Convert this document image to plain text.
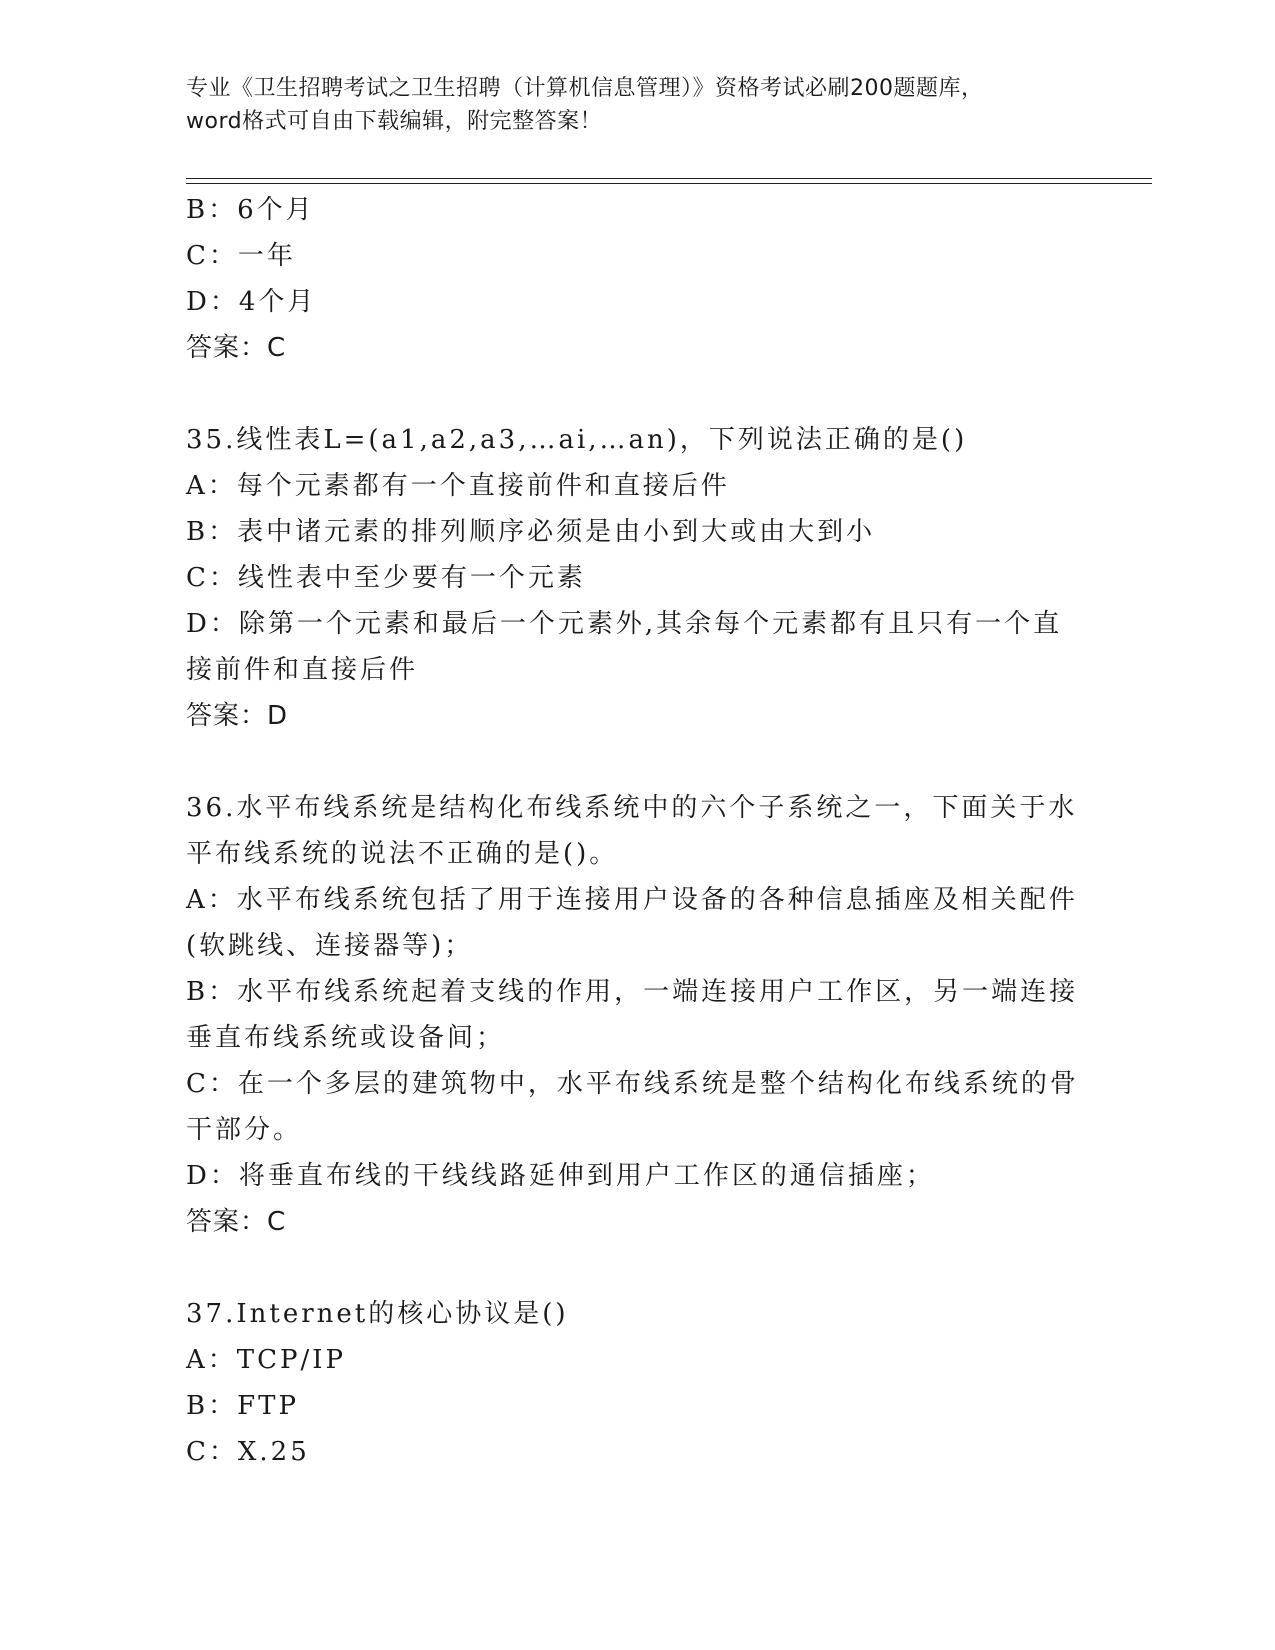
专业《卫生招聘考试之卫生招聘（计算机信息管理）》资格考试必刷200题题库，
word格式可自由下载编辑，附完整答案！
B：6个月
C：一年
D：4个月
答案：C
35.线性表L=(a1,a2,a3,…ai,…an)，下列说法正确的是()
A：每个元素都有一个直接前件和直接后件
B：表中诸元素的排列顺序必须是由小到大或由大到小
C：线性表中至少要有一个元素
D：除第一个元素和最后一个元素外,其余每个元素都有且只有一个直
接前件和直接后件
答案：D
36.水平布线系统是结构化布线系统中的六个子系统之一，下面关于水
平布线系统的说法不正确的是()。
A：水平布线系统包括了用于连接用户设备的各种信息插座及相关配件
(软跳线、连接器等)；
B：水平布线系统起着支线的作用，一端连接用户工作区，另一端连接
垂直布线系统或设备间；
C：在一个多层的建筑物中，水平布线系统是整个结构化布线系统的骨
干部分。
D：将垂直布线的干线线路延伸到用户工作区的通信插座；
答案：C
37.Internet的核心协议是()
A：TCP/IP
B：FTP
C：X.25
